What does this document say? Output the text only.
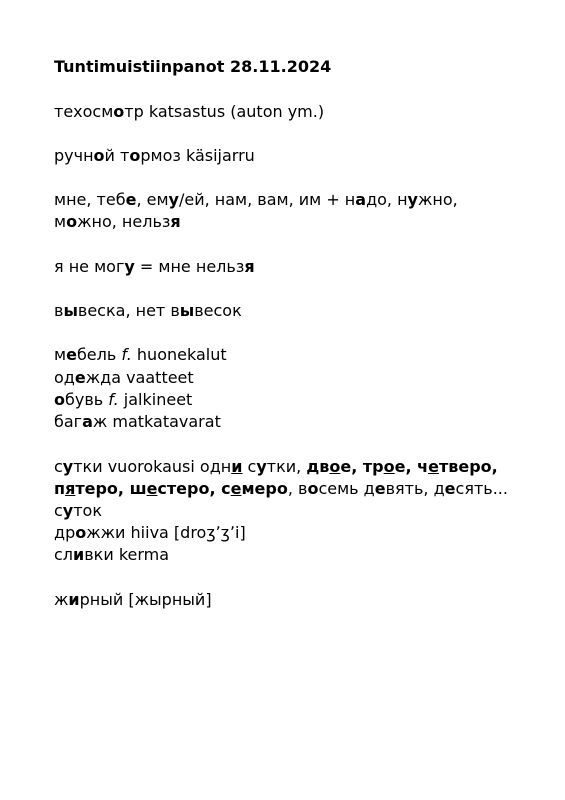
Tuntimuistiinpanot 28.11.2024

техосмотр katsastus (auton ym.)

ручной тормоз käsijarru

мне, тебе, ему/ей, нам, вам, им + надо, нужно,

можно, нельзя

я не могу = мне нельзя

вывеска, нет вывесок

мебель f. huonekalut

одежда vaatteet

обувь f. jalkineet

багаж matkatavarat

сутки vuorokausi одни сутки, двое, трое, четверо,

пятеро, шестеро, семеро, восемь девять, десять...

суток

дрожжи hiiva [droʒʼʒʼi]

сливки kerma

жирный [жырный]
